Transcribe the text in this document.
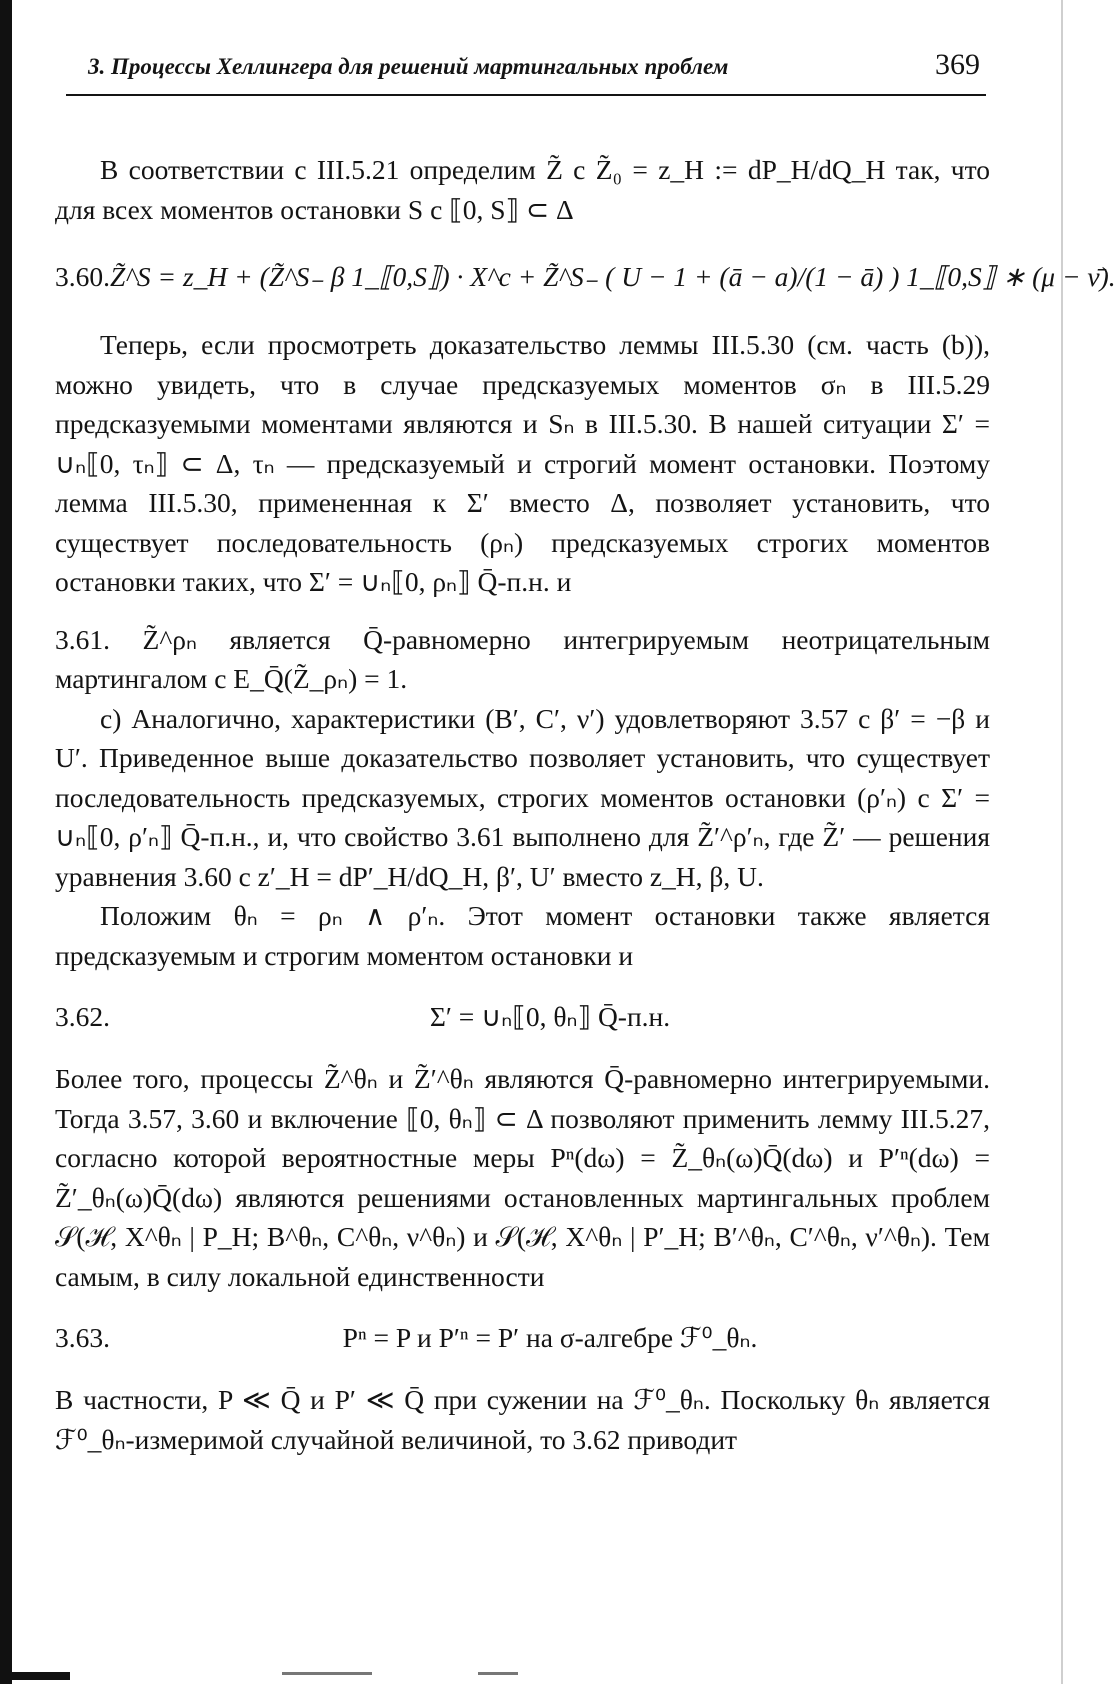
3. Процессы Хеллингера для решений мартингальных проблем	369

В соответствии с III.5.21 определим Z̃ с Z̃₀ = z_H := dP_H/dQ_H так, что для всех моментов остановки S с ⟦0, S⟧ ⊂ Δ

3.60. Z̃^S = z_H + (Z̃^S₋ β 1_⟦0,S⟧) · X^c + Z̃^S₋ ( U − 1 + (ā − a)/(1 − ā) ) 1_⟦0,S⟧ ∗ (μ − ν̄).

Теперь, если просмотреть доказательство леммы III.5.30 (см. часть (b)), можно увидеть, что в случае предсказуемых моментов σₙ в III.5.29 предсказуемыми моментами являются и Sₙ в III.5.30. В нашей ситуации Σ′ = ∪ₙ⟦0, τₙ⟧ ⊂ Δ, τₙ — предсказуемый и строгий момент остановки. Поэтому лемма III.5.30, примененная к Σ′ вместо Δ, позволяет установить, что существует последовательность (ρₙ) предсказуемых строгих моментов остановки таких, что Σ′ = ∪ₙ⟦0, ρₙ⟧ Q̄-п.н. и

3.61. Z̃^ρₙ является Q̄-равномерно интегрируемым неотрицательным мартингалом с E_Q̄(Z̃_ρₙ) = 1.

c) Аналогично, характеристики (B′, C′, ν′) удовлетворяют 3.57 с β′ = −β и U′. Приведенное выше доказательство позволяет установить, что существует последовательность предсказуемых, строгих моментов остановки (ρ′ₙ) с Σ′ = ∪ₙ⟦0, ρ′ₙ⟧ Q̄-п.н., и, что свойство 3.61 выполнено для Z̃′^ρ′ₙ, где Z̃′ — решения уравнения 3.60 с z′_H = dP′_H/dQ_H, β′, U′ вместо z_H, β, U.

Положим θₙ = ρₙ ∧ ρ′ₙ. Этот момент остановки также является предсказуемым и строгим моментом остановки и

3.62.	Σ′ = ∪ₙ⟦0, θₙ⟧ Q̄-п.н.

Более того, процессы Z̃^θₙ и Z̃′^θₙ являются Q̄-равномерно интегрируемыми. Тогда 3.57, 3.60 и включение ⟦0, θₙ⟧ ⊂ Δ позволяют применить лемму III.5.27, согласно которой вероятностные меры Pⁿ(dω) = Z̃_θₙ(ω)Q̄(dω) и P′ⁿ(dω) = Z̃′_θₙ(ω)Q̄(dω) являются решениями остановленных мартингальных проблем 𝒮(ℋ, X^θₙ | P_H; B^θₙ, C^θₙ, ν^θₙ) и 𝒮(ℋ, X^θₙ | P′_H; B′^θₙ, C′^θₙ, ν′^θₙ). Тем самым, в силу локальной единственности

3.63.	Pⁿ = P и P′ⁿ = P′ на σ-алгебре ℱ⁰_θₙ.

В частности, P ≪ Q̄ и P′ ≪ Q̄ при сужении на ℱ⁰_θₙ. Поскольку θₙ является ℱ⁰_θₙ-измеримой случайной величиной, то 3.62 приводит
